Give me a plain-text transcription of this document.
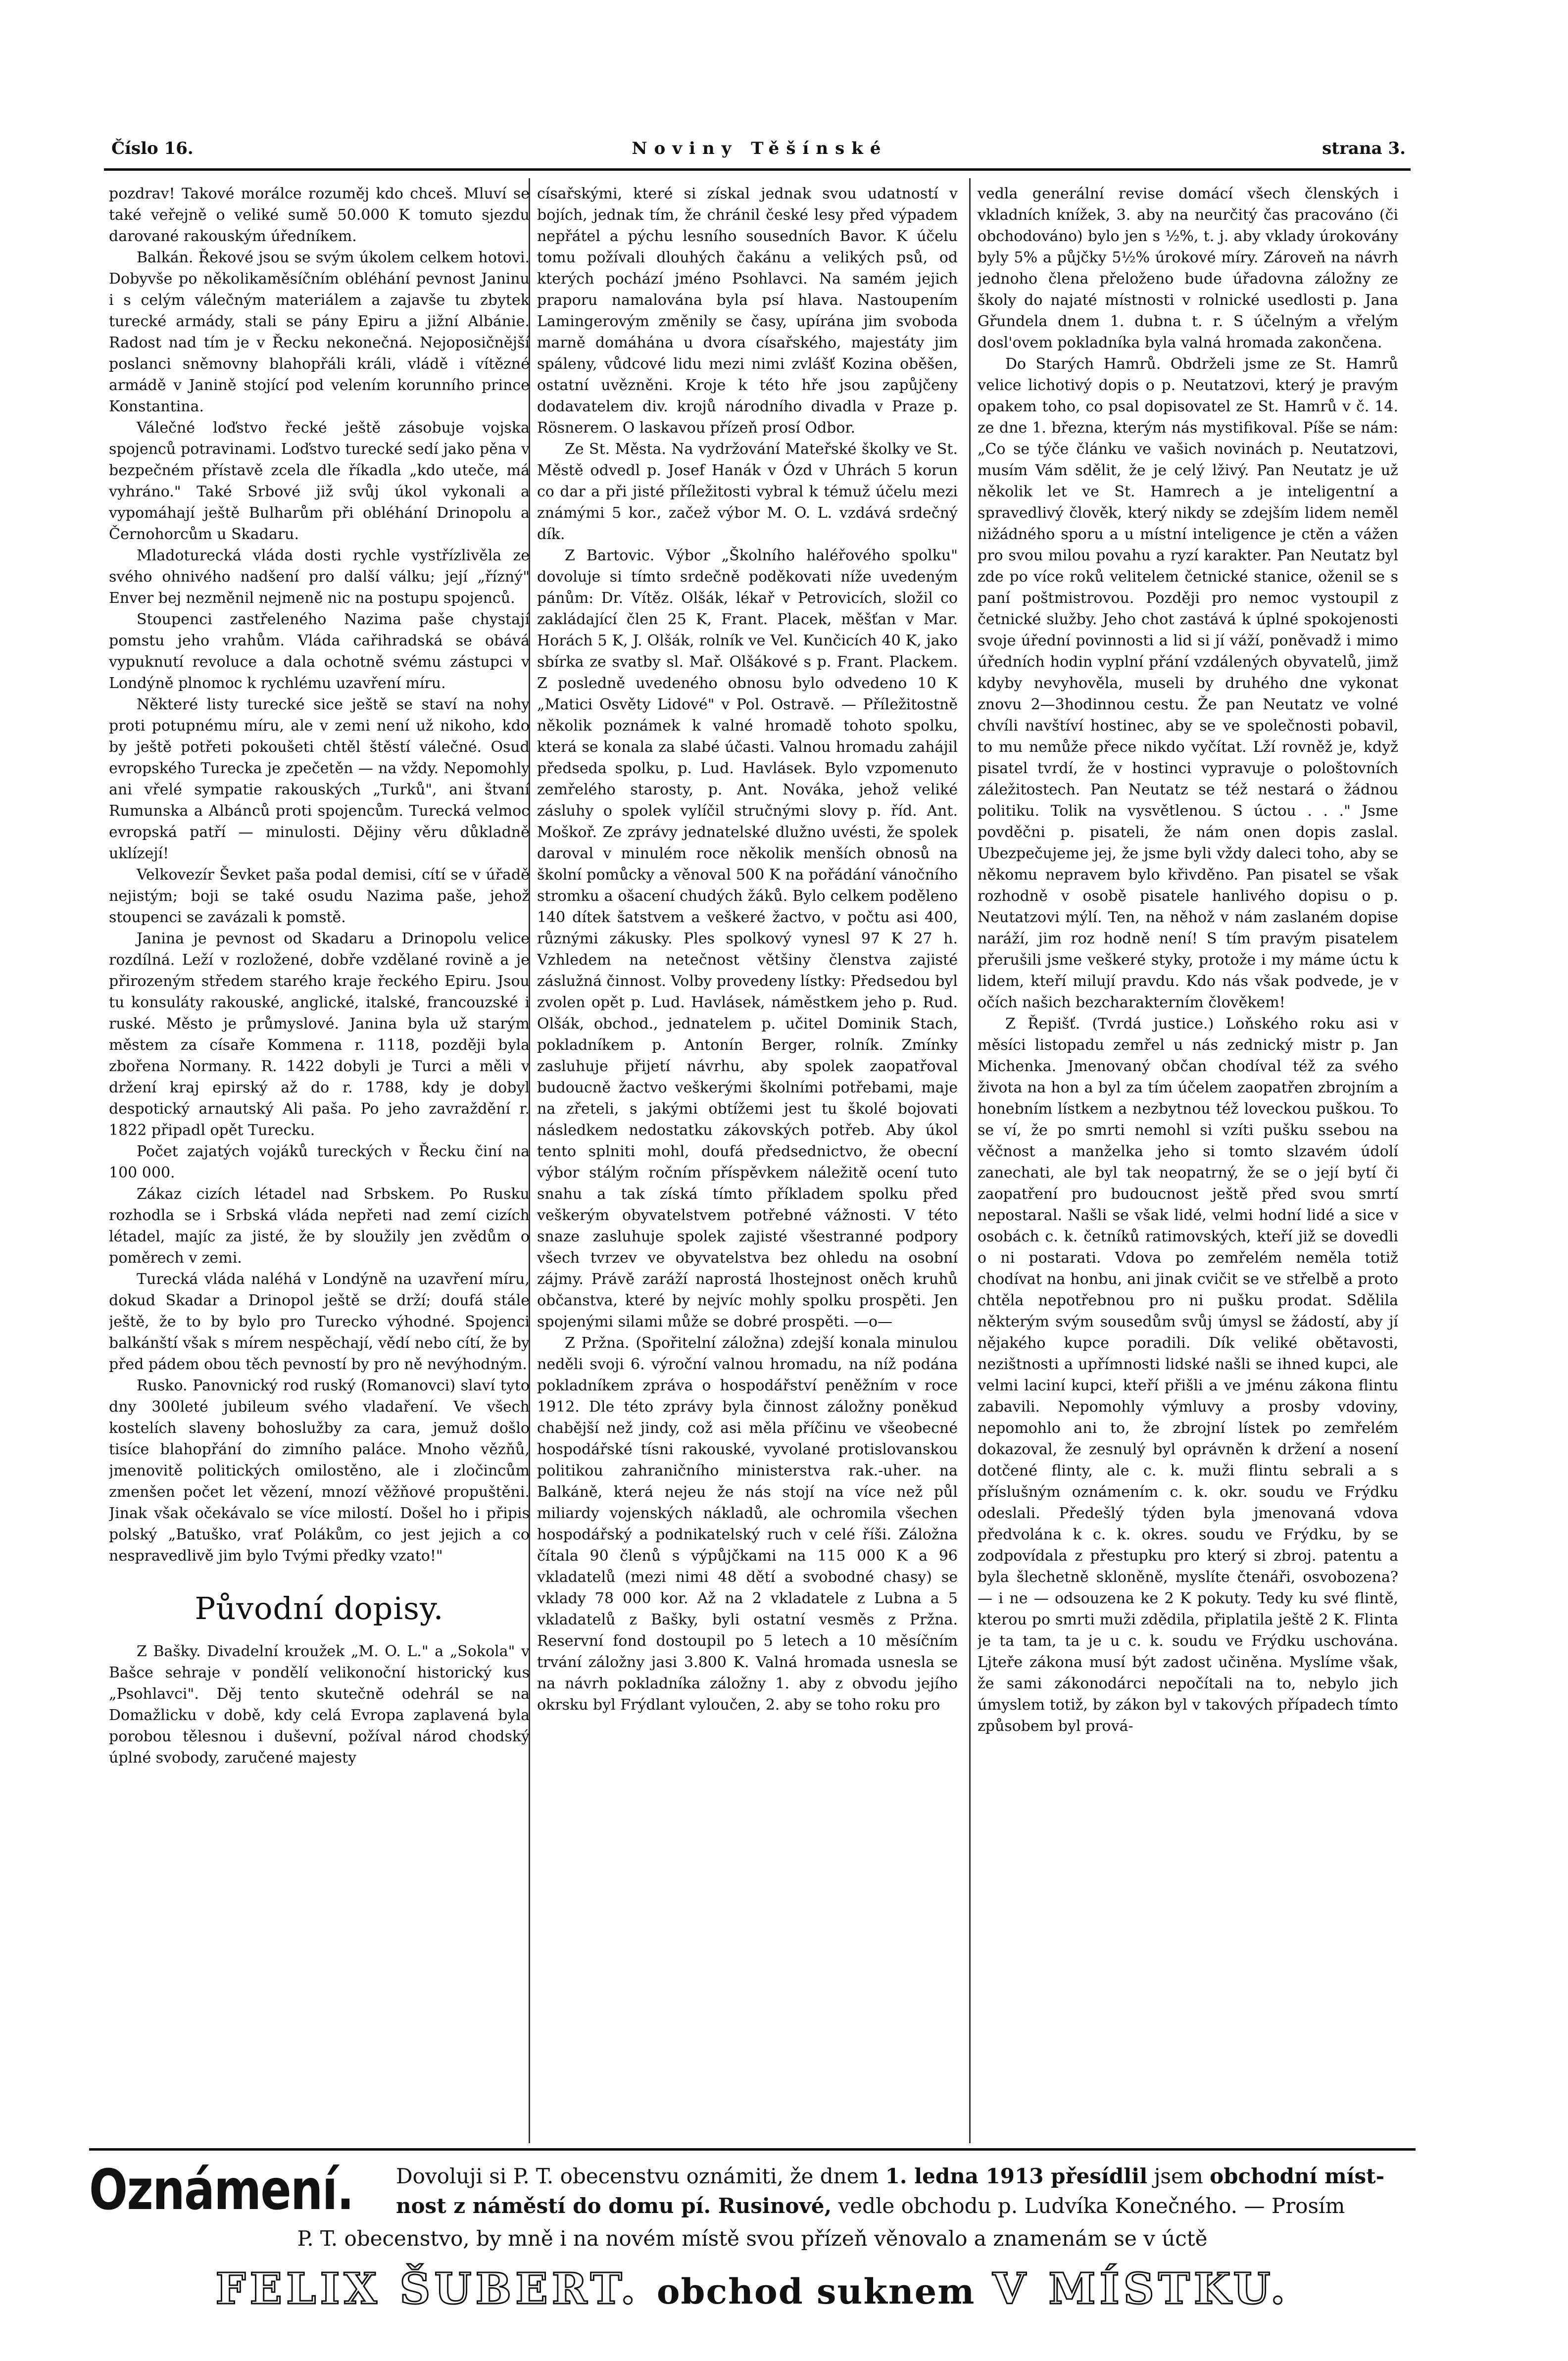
Číslo 16.	Noviny Těšínské	strana 3.

pozdrav! Takové morálce rozuměj kdo chceš. Mluví se také veřejně o veliké sumě 50.000 K tomuto sjezdu darované rakouským úředníkem.

Balkán. Řekové jsou se svým úkolem celkem hotovi. Dobyvše po několikaměsíčním obléhání pevnost Janinu i s celým válečným materiálem a zajavše tu zbytek turecké armády, stali se pány Epiru a jižní Albánie. Radost nad tím je v Řecku nekonečná. Nejoposičnější poslanci sněmovny blahopřáli králi, vládě i vítězné armádě v Janině stojící pod velením korunního prince Konstantina.

Válečné loďstvo řecké ještě zásobuje vojska spojenců potravinami. Loďstvo turecké sedí jako pěna v bezpečném přístavě zcela dle říkadla „kdo uteče, má vyhráno." Také Srbové již svůj úkol vykonali a vypomáhají ještě Bulharům při obléhání Drinopolu a Černohorcům u Skadaru.

Mladoturecká vláda dosti rychle vystřízlivěla ze svého ohnivého nadšení pro další válku; její „řízný" Enver bej nezměnil nejmeně nic na postupu spojenců.

Stoupenci zastřeleného Nazima paše chystají pomstu jeho vrahům. Vláda cařihradská se obává vypuknutí revoluce a dala ochotně svému zástupci v Londýně plnomoc k rychlému uzavření míru.

Některé listy turecké sice ještě se staví na nohy proti potupnému míru, ale v zemi není už nikoho, kdo by ještě potřeti pokoušeti chtěl štěstí válečné. Osud evropského Turecka je zpečetěn — na vždy. Nepomohly ani vřelé sympatie rakouských „Turků", ani štvaní Rumunska a Albánců proti spojencům. Turecká velmoc evropská patří — minulosti. Dějiny věru důkladně uklízejí!

Velkovezír Ševket paša podal demisi, cítí se v úřadě nejistým; boji se také osudu Nazima paše, jehož stoupenci se zavázali k pomstě.

Janina je pevnost od Skadaru a Drinopolu velice rozdílná. Leží v rozložené, dobře vzdělané rovině a je přirozeným středem starého kraje řeckého Epiru. Jsou tu konsuláty rakouské, anglické, italské, francouzské i ruské. Město je průmyslové. Janina byla už starým městem za císaře Kommena r. 1118, později byla zbořena Normany. R. 1422 dobyli je Turci a měli v držení kraj epirský až do r. 1788, kdy je dobyl despotický arnautský Ali paša. Po jeho zavraždění r. 1822 připadl opět Turecku.

Počet zajatých vojáků tureckých v Řecku činí na 100 000.

Zákaz cizích létadel nad Srbskem. Po Rusku rozhodla se i Srbská vláda nepřeti nad zemí cizích létadel, majíc za jisté, že by sloužily jen zvědům o poměrech v zemi.

Turecká vláda naléhá v Londýně na uzavření míru, dokud Skadar a Drinopol ještě se drží; doufá stále ještě, že to by bylo pro Turecko výhodné. Spojenci balkánští však s mírem nespěchají, vědí nebo cítí, že by před pádem obou těch pevností by pro ně nevýhodným.

Rusko. Panovnický rod ruský (Romanovci) slaví tyto dny 300leté jubileum svého vladaření. Ve všech kostelích slaveny bohoslužby za cara, jemuž došlo tisíce blahopřání do zimního paláce. Mnoho vězňů, jmenovitě politických omilostěno, ale i zločincům zmenšen počet let vězení, mnozí věžňové propuštěni. Jinak však očekávalo se více milostí. Došel ho i připis polský „Batuško, vrať Polákům, co jest jejich a co nespravedlivě jim bylo Tvými předky vzato!"

Původní dopisy.

Z Bašky. Divadelní kroužek „M. O. L." a „Sokola" v Bašce sehraje v pondělí velikonoční historický kus „Psohlavci". Děj tento skutečně odehrál se na Domažlicku v době, kdy celá Evropa zaplavená byla porobou tělesnou i duševní, požíval národ chodský úplné svobody, zaručené majesty

císařskými, které si získal jednak svou udatností v bojích, jednak tím, že chránil české lesy před výpadem nepřátel a pýchu lesního sousedních Bavor. K účelu tomu požívali dlouhých čakánu a velikých psů, od kterých pochází jméno Psohlavci. Na samém jejich praporu namalována byla psí hlava. Nastoupením Lamingerovým změnily se časy, upírána jim svoboda marně domáhána u dvora císařského, majestáty jim spáleny, vůdcové lidu mezi nimi zvlášť Kozina oběšen, ostatní uvězněni. Kroje k této hře jsou zapůjčeny dodavatelem div. krojů národního divadla v Praze p. Rösnerem. O laskavou přízeň prosí Odbor.

Ze St. Města. Na vydržování Mateřské školky ve St. Městě odvedl p. Josef Hanák v Ózd v Uhrách 5 korun co dar a při jisté příležitosti vybral k témuž účelu mezi známými 5 kor., začež výbor M. O. L. vzdává srdečný dík.

Z Bartovic. Výbor „Školního haléřového spolku" dovoluje si tímto srdečně poděkovati níže uvedeným pánům: Dr. Vítěz. Olšák, lékař v Petrovicích, složil co zakládající člen 25 K, Frant. Placek, měšťan v Mar. Horách 5 K, J. Olšák, rolník ve Vel. Kunčicích 40 K, jako sbírka ze svatby sl. Mař. Olšákové s p. Frant. Plackem. Z posledně uvedeného obnosu bylo odvedeno 10 K „Matici Osvěty Lidové" v Pol. Ostravě. — Příležitostně několik poznámek k valné hromadě tohoto spolku, která se konala za slabé účasti. Valnou hromadu zahájil předseda spolku, p. Lud. Havlásek. Bylo vzpomenuto zemřelého starosty, p. Ant. Nováka, jehož veliké zásluhy o spolek vylíčil stručnými slovy p. říd. Ant. Moškoř. Ze zprávy jednatelské dlužno uvésti, že spolek daroval v minulém roce několik menších obnosů na školní pomůcky a věnoval 500 K na pořádání vánočního stromku a ošacení chudých žáků. Bylo celkem poděleno 140 dítek šatstvem a veškeré žactvo, v počtu asi 400, různými zákusky. Ples spolkový vynesl 97 K 27 h. Vzhledem na netečnost většiny členstva zajisté záslužná činnost. Volby provedeny lístky: Předsedou byl zvolen opět p. Lud. Havlásek, náměstkem jeho p. Rud. Olšák, obchod., jednatelem p. učitel Dominik Stach, pokladníkem p. Antonín Berger, rolník. Zmínky zasluhuje přijetí návrhu, aby spolek zaopatřoval budoucně žactvo veškerými školními potřebami, maje na zřeteli, s jakými obtížemi jest tu školé bojovati následkem nedostatku zákovských potřeb. Aby úkol tento splniti mohl, doufá předsednictvo, že obecní výbor stálým ročním příspěvkem náležitě ocení tuto snahu a tak získá tímto příkladem spolku před veškerým obyvatelstvem potřebné vážnosti. V této snaze zasluhuje spolek zajisté všestranné podpory všech tvrzev ve obyvatelstva bez ohledu na osobní zájmy. Právě zaráží naprostá lhostejnost oněch kruhů občanstva, které by nejvíc mohly spolku prospěti. Jen spojenými silami může se dobré prospěti. —o—

Z Pržna. (Spořitelní záložna) zdejší konala minulou neděli svoji 6. výroční valnou hromadu, na níž podána pokladníkem zpráva o hospodářství peněžním v roce 1912. Dle této zprávy byla činnost záložny poněkud chabější než jindy, což asi měla příčinu ve všeobecné hospodářské tísni rakouské, vyvolané protislovanskou politikou zahraničního ministerstva rak.-uher. na Balkáně, která nejeu že nás stojí na více než půl miliardy vojenských nákladů, ale ochromila všechen hospodářský a podnikatelský ruch v celé říši. Záložna čítala 90 členů s výpůjčkami na 115 000 K a 96 vkladatelů (mezi nimi 48 dětí a svobodné chasy) se vklady 78 000 kor. Až na 2 vkladatele z Lubna a 5 vkladatelů z Bašky, byli ostatní vesměs z Pržna. Reservní fond dostoupil po 5 letech a 10 měsíčním trvání záložny jasi 3.800 K. Valná hromada usnesla se na návrh pokladníka záložny 1. aby z obvodu jejího okrsku byl Frýdlant vyloučen, 2. aby se toho roku pro

vedla generální revise domácí všech členských i vkladních knížek, 3. aby na neurčitý čas pracováno (či obchodováno) bylo jen s ½%, t. j. aby vklady úrokovány byly 5% a půjčky 5½% úrokové míry. Zároveň na návrh jednoho člena přeloženo bude úřadovna záložny ze školy do najaté místnosti v rolnické usedlosti p. Jana Gřundela dnem 1. dubna t. r. S účelným a vřelým dosl'ovem pokladníka byla valná hromada zakončena.

Do Starých Hamrů. Obdrželi jsme ze St. Hamrů velice lichotivý dopis o p. Neutatzovi, který je pravým opakem toho, co psal dopisovatel ze St. Hamrů v č. 14. ze dne 1. března, kterým nás mystifikoval. Píše se nám: „Co se týče článku ve vašich novinách p. Neutatzovi, musím Vám sdělit, že je celý lživý. Pan Neutatz je už několik let ve St. Hamrech a je inteligentní a spravedlivý člověk, který nikdy se zdejším lidem neměl nižádného sporu a u místní inteligence je ctěn a vážen pro svou milou povahu a ryzí karakter. Pan Neutatz byl zde po více roků velitelem četnické stanice, oženil se s paní poštmistrovou. Později pro nemoc vystoupil z četnické služby. Jeho chot zastává k úplné spokojenosti svoje úřední povinnosti a lid si jí váží, poněvadž i mimo úředních hodin vyplní přání vzdálených obyvatelů, jimž kdyby nevyhověla, museli by druhého dne vykonat znovu 2—3hodinnou cestu. Že pan Neutatz ve volné chvíli navštíví hostinec, aby se ve společnosti pobavil, to mu nemůže přece nikdo vyčítat. Lží rovněž je, když pisatel tvrdí, že v hostinci vypravuje o pološtovních záležitostech. Pan Neutatz se též nestará o žádnou politiku. Tolik na vysvětlenou. S úctou . . ." Jsme povděčni p. pisateli, že nám onen dopis zaslal. Ubezpečujeme jej, že jsme byli vždy daleci toho, aby se někomu nepravem bylo křivděno. Pan pisatel se však rozhodně v osobě pisatele hanlivého dopisu o p. Neutatzovi mýlí. Ten, na něhož v nám zaslaném dopise naráží, jim roz hodně není! S tím pravým pisatelem přerušili jsme veškeré styky, protože i my máme úctu k lidem, kteří milují pravdu. Kdo nás však podvede, je v očích našich bezcharakterním člověkem!

Z Řepišť. (Tvrdá justice.) Loňského roku asi v měsíci listopadu zemřel u nás zednický mistr p. Jan Michenka. Jmenovaný občan chodíval též za svého života na hon a byl za tím účelem zaopatřen zbrojním a honebním lístkem a nezbytnou též loveckou puškou. To se ví, že po smrti nemohl si vzíti pušku ssebou na věčnost a manželka jeho si tomto slzavém údolí zanechati, ale byl tak neopatrný, že se o její bytí či zaopatření pro budoucnost ještě před svou smrtí nepostaral. Našli se však lidé, velmi hodní lidé a sice v osobách c. k. četníků ratimovských, kteří již se dovedli o ni postarati. Vdova po zemřelém neměla totiž chodívat na honbu, ani jinak cvičit se ve střelbě a proto chtěla nepotřebnou pro ni pušku prodat. Sdělila některým svým sousedům svůj úmysl se žádostí, aby jí nějakého kupce poradili. Dík veliké obětavosti, nezištnosti a upřímnosti lidské našli se ihned kupci, ale velmi laciní kupci, kteří přišli a ve jménu zákona flintu zabavili. Nepomohly výmluvy a prosby vdoviny, nepomohlo ani to, že zbrojní lístek po zemřelém dokazoval, že zesnulý byl oprávněn k držení a nosení dotčené flinty, ale c. k. muži flintu sebrali a s příslušným oznámením c. k. okr. soudu ve Frýdku odeslali. Předešlý týden byla jmenovaná vdova předvolána k c. k. okres. soudu ve Frýdku, by se zodpovídala z přestupku pro který si zbroj. patentu a byla šlechetně skloněně, myslíte čtenáři, osvobozena? — i ne — odsouzena ke 2 K pokuty. Tedy ku své flintě, kterou po smrti muži zdědila, připlatila ještě 2 K. Flinta je ta tam, ta je u c. k. soudu ve Frýdku uschována. Ljteře zákona musí být zadost učiněna. Myslíme však, že sami zákonodárci nepočítali na to, nebylo jich úmyslem totiž, by zákon byl v takových případech tímto způsobem byl prová-

Oznámení. Dovoluji si P. T. obecenstvu oznámiti, že dnem 1. ledna 1913 přesídlil jsem obchodní míst-
nost z náměstí do domu pí. Rusinové, vedle obchodu p. Ludvíka Konečného. — Prosím
P. T. obecenstvo, by mně i na novém místě svou přízeň věnovalo a znamenám se v úctě
FELIX ŠUBERT. obchod suknem V MÍSTKU.
